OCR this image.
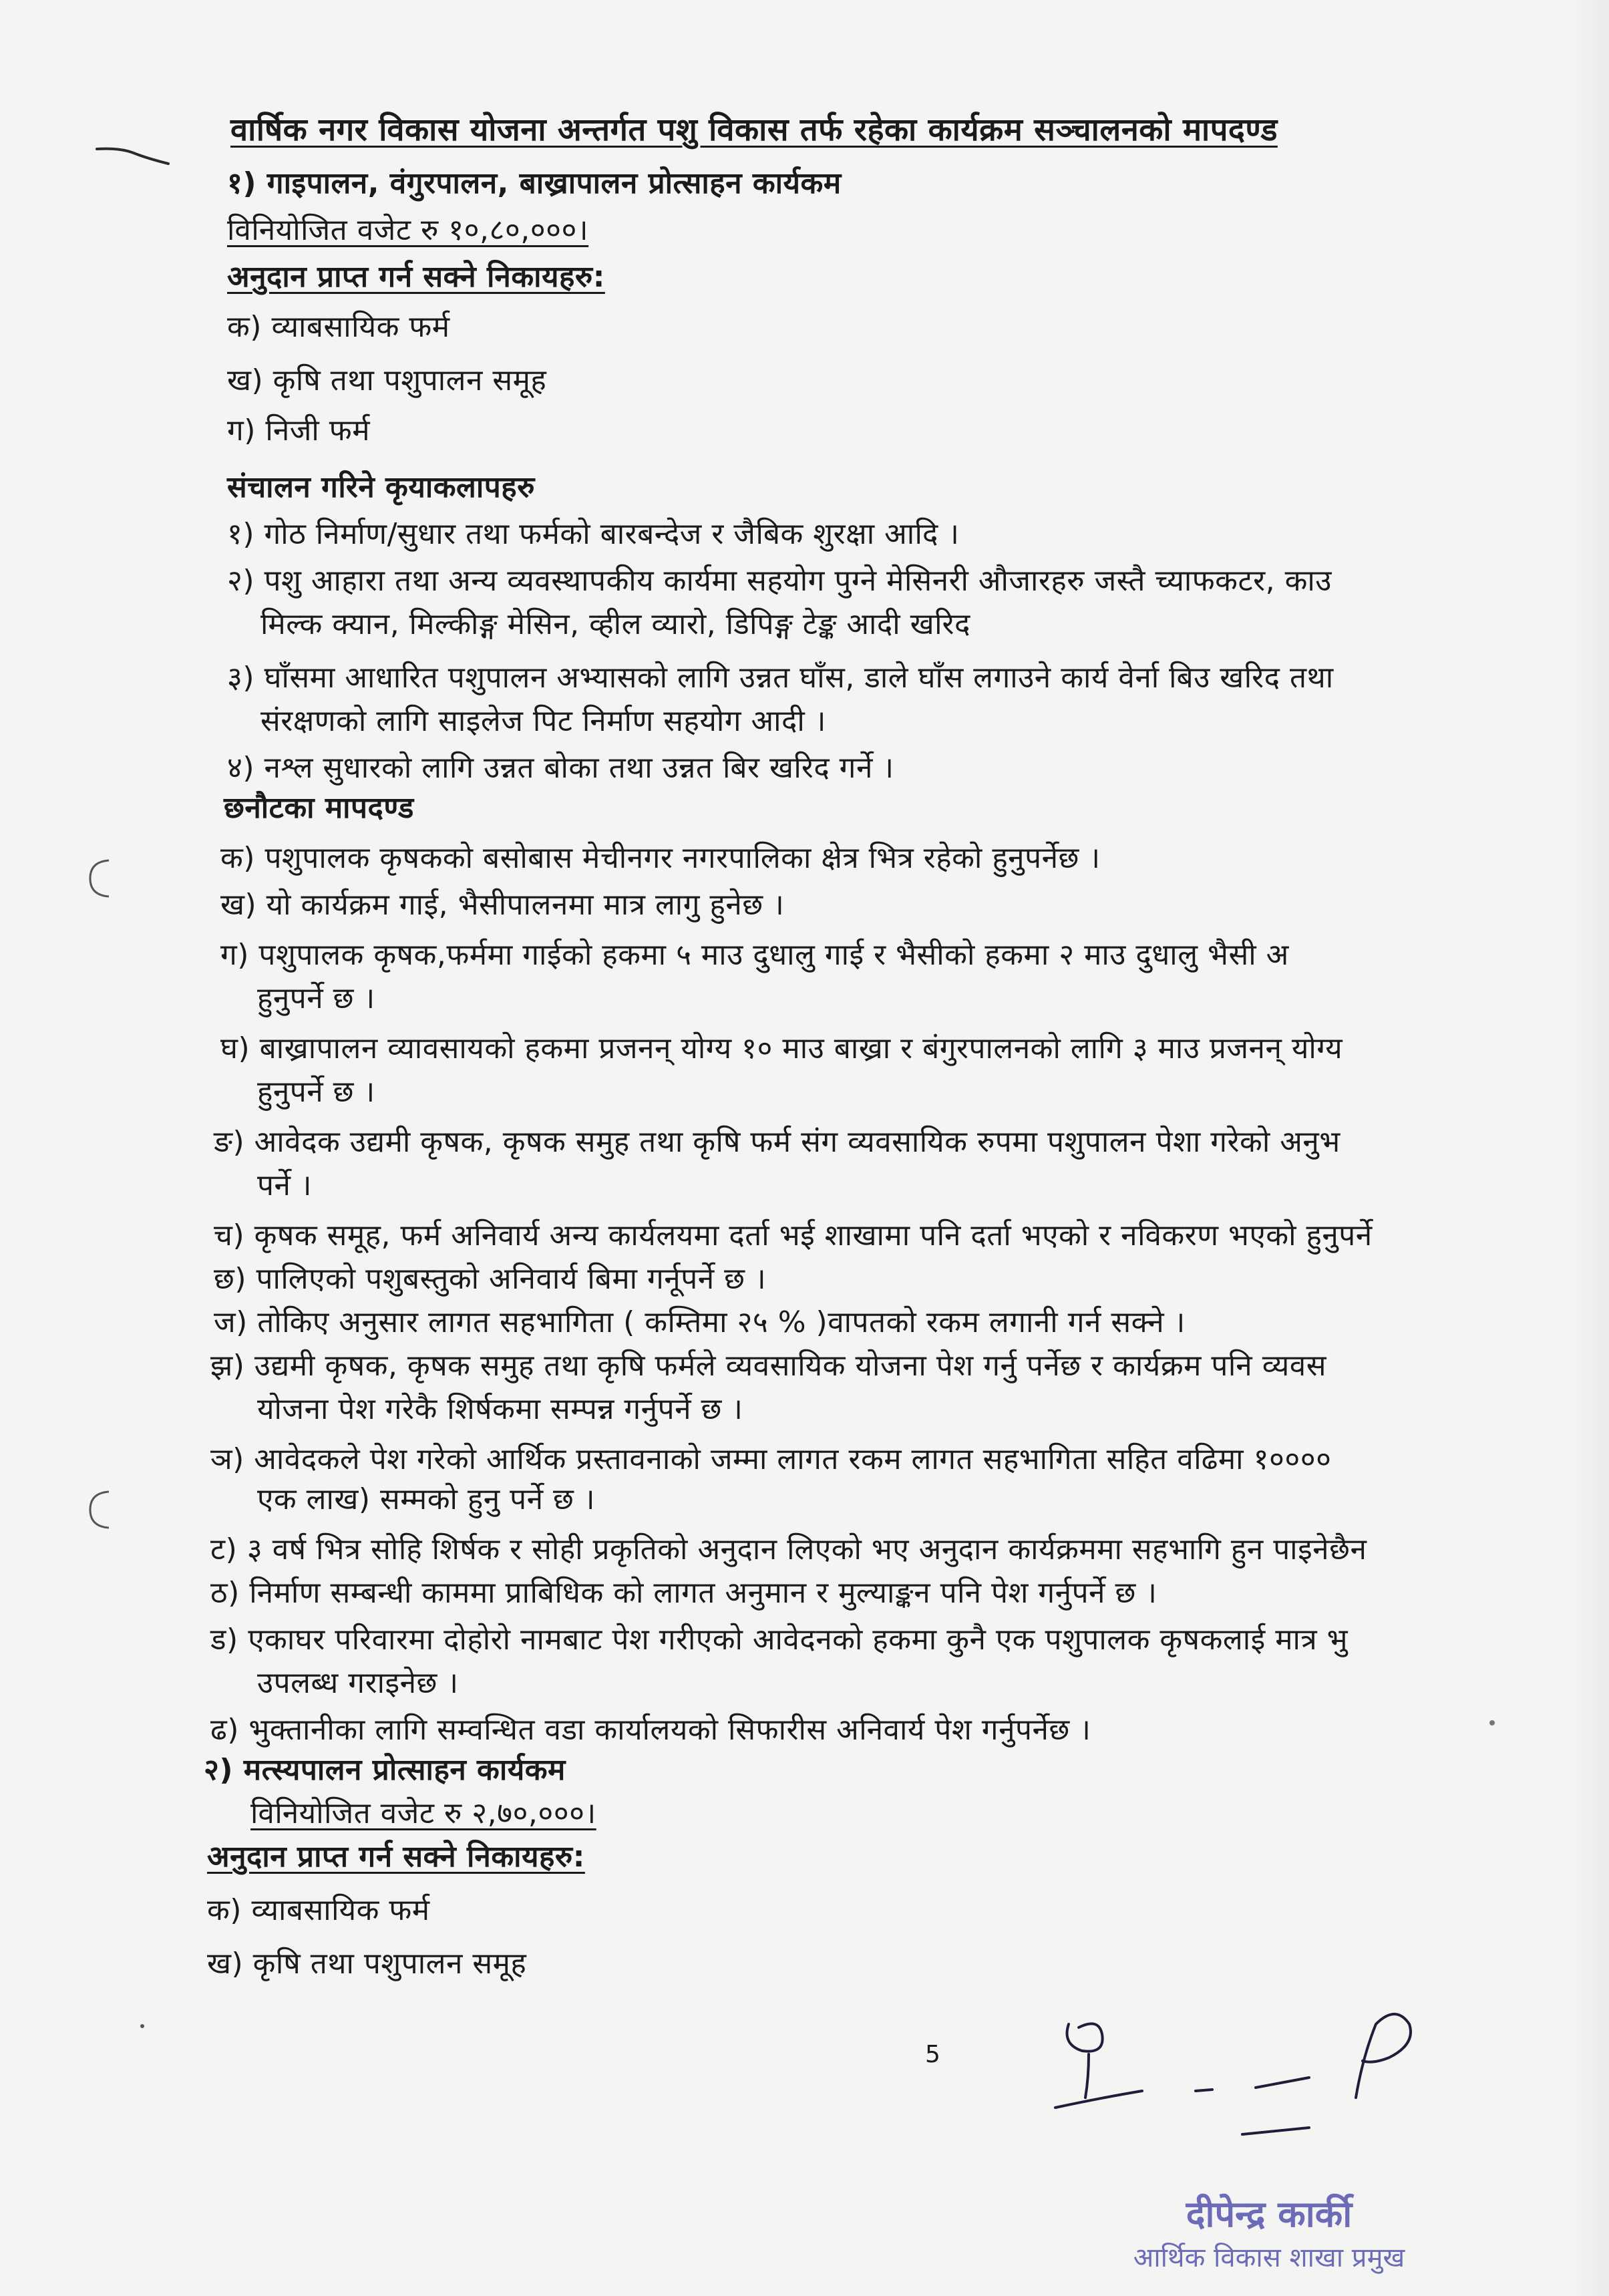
वार्षिक नगर विकास योजना अन्तर्गत पशु विकास तर्फ रहेका कार्यक्रम सञ्चालनको मापदण्ड
१) गाइपालन, वंगुरपालन, बाख्रापालन प्रोत्साहन कार्यकम
विनियोजित वजेट रु १०,८०,०००।
अनुदान प्राप्त गर्न सक्ने निकायहरु:
क) व्याबसायिक फर्म
ख) कृषि तथा पशुपालन समूह
ग) निजी फर्म
संचालन गरिने कृयाकलापहरु
१) गोठ निर्माण/सुधार तथा फर्मको बारबन्देज र जैबिक शुरक्षा आदि ।
२) पशु आहारा तथा अन्य व्यवस्थापकीय कार्यमा सहयोग पुग्ने मेसिनरी औजारहरु जस्तै च्याफकटर, काउ
मिल्क क्यान, मिल्कीङ्ग मेसिन, व्हील व्यारो, डिपिङ्ग टेङ्क आदी खरिद
३) घाँसमा आधारित पशुपालन अभ्यासको लागि उन्नत घाँस, डाले घाँस लगाउने कार्य वेर्ना बिउ खरिद तथा
संरक्षणको लागि साइलेज पिट निर्माण सहयोग आदी ।
४) नश्ल सुधारको लागि उन्नत बोका तथा उन्नत बिर खरिद गर्ने ।
छनौटका मापदण्ड
क) पशुपालक कृषकको बसोबास मेचीनगर नगरपालिका क्षेत्र भित्र रहेको हुनुपर्नेछ ।
ख) यो कार्यक्रम गाई, भैसीपालनमा मात्र लागु हुनेछ ।
ग) पशुपालक कृषक,फर्ममा गाईको हकमा ५ माउ दुधालु गाई र भैसीको हकमा २ माउ दुधालु भैसी अ
हुनुपर्ने छ ।
घ) बाख्रापालन व्यावसायको हकमा प्रजनन् योग्य १० माउ बाख्रा र बंगुरपालनको लागि ३ माउ प्रजनन् योग्य
हुनुपर्ने छ ।
ङ) आवेदक उद्यमी कृषक, कृषक समुह तथा कृषि फर्म संग व्यवसायिक रुपमा पशुपालन पेशा गरेको अनुभ
पर्ने ।
च) कृषक समूह, फर्म अनिवार्य अन्य कार्यलयमा दर्ता भई शाखामा पनि दर्ता भएको र नविकरण भएको हुनुपर्ने
छ) पालिएको पशुबस्तुको अनिवार्य बिमा गर्नूपर्ने छ ।
ज) तोकिए अनुसार लागत सहभागिता ( कम्तिमा २५ % )वापतको रकम लगानी गर्न सक्ने ।
झ) उद्यमी कृषक, कृषक समुह तथा कृषि फर्मले व्यवसायिक योजना पेश गर्नु पर्नेछ र कार्यक्रम पनि व्यवस
योजना पेश गरेकै शिर्षकमा सम्पन्न गर्नुपर्ने छ ।
ञ) आवेदकले पेश गरेको आर्थिक प्रस्तावनाको जम्मा लागत रकम लागत सहभागिता सहित वढिमा १००००
एक लाख) सम्मको हुनु पर्ने छ ।
ट) ३ वर्ष भित्र सोहि शिर्षक र सोही प्रकृतिको अनुदान लिएको भए अनुदान कार्यक्रममा सहभागि हुन पाइनेछैन
ठ) निर्माण सम्बन्धी काममा प्राबिधिक को लागत अनुमान र मुल्याङ्कन पनि पेश गर्नुपर्ने छ ।
ड) एकाघर परिवारमा दोहोरो नामबाट पेश गरीएको आवेदनको हकमा कुनै एक पशुपालक कृषकलाई मात्र भु
उपलब्ध गराइनेछ ।
ढ) भुक्तानीका लागि सम्वन्धित वडा कार्यालयको सिफारीस अनिवार्य पेश गर्नुपर्नेछ ।
२) मत्स्यपालन प्रोत्साहन कार्यकम
विनियोजित वजेट रु २,७०,०००।
अनुदान प्राप्त गर्न सक्ने निकायहरु:
क) व्याबसायिक फर्म
ख) कृषि तथा पशुपालन समूह
5
दीपेन्द्र कार्की
आर्थिक विकास शाखा प्रमुख
